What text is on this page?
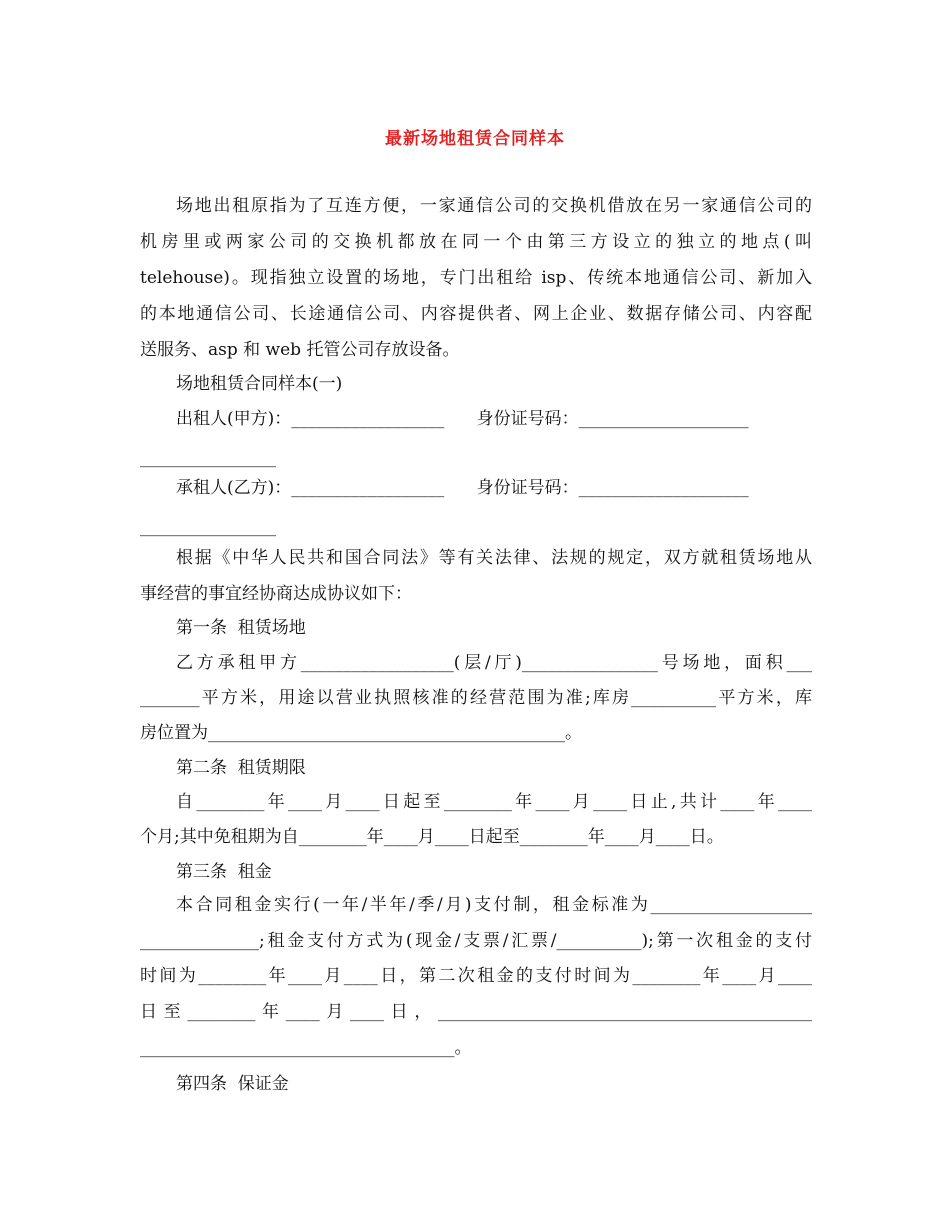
最新场地租赁合同样本
场地出租原指为了互连方便，一家通信公司的交换机借放在另一家通信公司的
机房里或两家公司的交换机都放在同一个由第三方设立的独立的地点(叫
telehouse)。现指独立设置的场地，专门出租给 isp、传统本地通信公司、新加入
的本地通信公司、长途通信公司、内容提供者、网上企业、数据存储公司、内容配
送服务、asp 和 web 托管公司存放设备。
场地租赁合同样本(一)
出租人(甲方)：__________________      身份证号码：____________________
________________
承租人(乙方)：__________________      身份证号码：____________________
________________
根据《中华人民共和国合同法》等有关法律、法规的规定，双方就租赁场地从
事经营的事宜经协商达成协议如下：
第一条  租赁场地
乙方承租甲方__________________(层/厅)________________号场地，面积___
_______平方米，用途以营业执照核准的经营范围为准;库房__________平方米，库
房位置为__________________________________________。
第二条  租赁期限
自________年____月____日起至________年____月____日止,共计____年____
个月;其中免租期为自________年____月____日起至________年____月____日。
第三条  租金
本合同租金实行(一年/半年/季/月)支付制，租金标准为___________________
______________;租金支付方式为(现金/支票/汇票/__________);第一次租金的支付
时间为________年____月____日，第二次租金的支付时间为________年____月____
日至________年____月____日，____________________________________________
_____________________________________。
第四条  保证金
